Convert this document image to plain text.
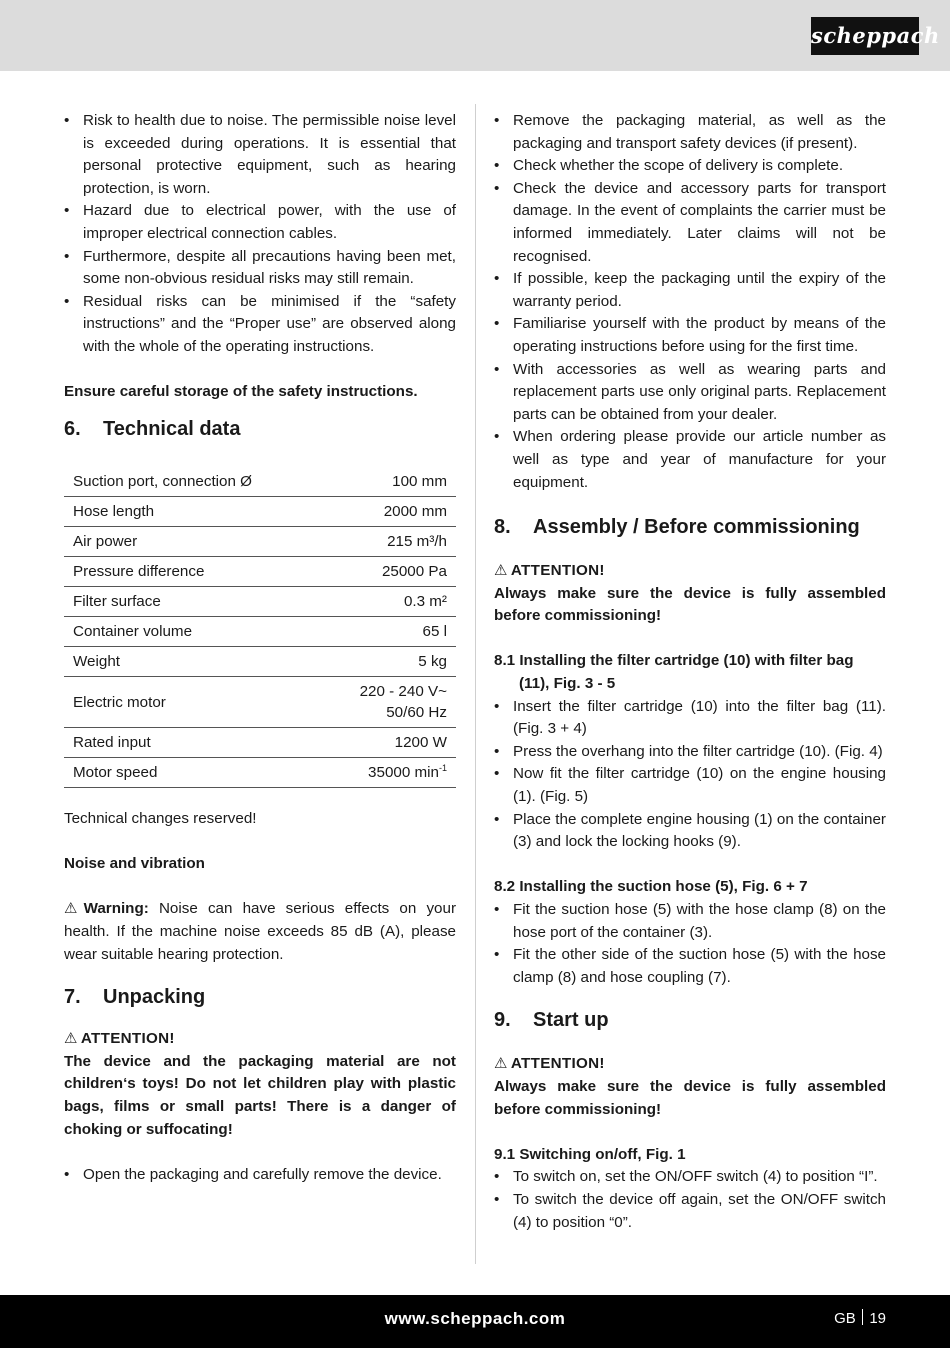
scheppach
• Risk to health due to noise. The permissible noise level is exceeded during operations. It is essential that personal protective equipment, such as hearing protection, is worn.
• Hazard due to electrical power, with the use of improper electrical connection cables.
• Furthermore, despite all precautions having been met, some non-obvious residual risks may still remain.
• Residual risks can be minimised if the “safety instructions” and the “Proper use” are observed along with the whole of the operating instructions.

Ensure careful storage of the safety instructions.

6.	Technical data
Suction port, connection Ø	100 mm
Hose length	2000 mm
Air power	215 m³/h
Pressure difference	25000 Pa
Filter surface	0.3 m²
Container volume	65 l
Weight	5 kg
Electric motor	220 - 240 V~
50/60 Hz

Rated input	1200 W
Motor speed	35000 $\min^{-1}$

Technical changes reserved!

Noise and vibration

⚠Warning: Noise can have serious effects on your health. If the machine noise exceeds 85 dB (A), please wear suitable hearing protection.

7.	Unpacking

⚠ ATTENTION!

The device and the packaging material are not children‘s toys! Do not let children play with plastic bags, films or small parts! There is a danger of choking or suffocating!

• Open the packaging and carefully remove the device.
• Remove the packaging material, as well as the packaging and transport safety devices (if present).
• Check whether the scope of delivery is complete.
• Check the device and accessory parts for transport damage. In the event of complaints the carrier must be informed immediately. Later claims will not be recognised.
• If possible, keep the packaging until the expiry of the warranty period.
• Familiarise yourself with the product by means of the operating instructions before using for the first time.
• With accessories as well as wearing parts and replacement parts use only original parts. Replacement parts can be obtained from your dealer.
• When ordering please provide our article number as well as type and year of manufacture for your equipment.
8.	Assembly / Before commissioning

⚠ ATTENTION!

Always make sure the device is fully assembled before commissioning!

8.1 Installing the filter cartridge (10) with filter bag
(11), Fig. 3 - 5

• Insert the filter cartridge (10) into the filter bag (11). (Fig. 3 + 4)
• Press the overhang into the filter cartridge (10). (Fig. 4)
• Now fit the filter cartridge (10) on the engine housing (1). (Fig. 5)
• Place the complete engine housing (1) on the container (3) and lock the locking hooks (9).

8.2 Installing the suction hose (5), Fig. 6 + 7

• Fit the suction hose (5) with the hose clamp (8) on the hose port of the container (3).
• Fit the other side of the suction hose (5) with the hose clamp (8) and hose coupling (7).
9.	Start up

⚠ ATTENTION!

Always make sure the device is fully assembled before commissioning!

9.1 Switching on/off, Fig. 1

• To switch on, set the ON/OFF switch (4) to position “I”.
• To switch the device off again, set the ON/OFF switch (4) to position “0”.
www.scheppach.com	GB 19
